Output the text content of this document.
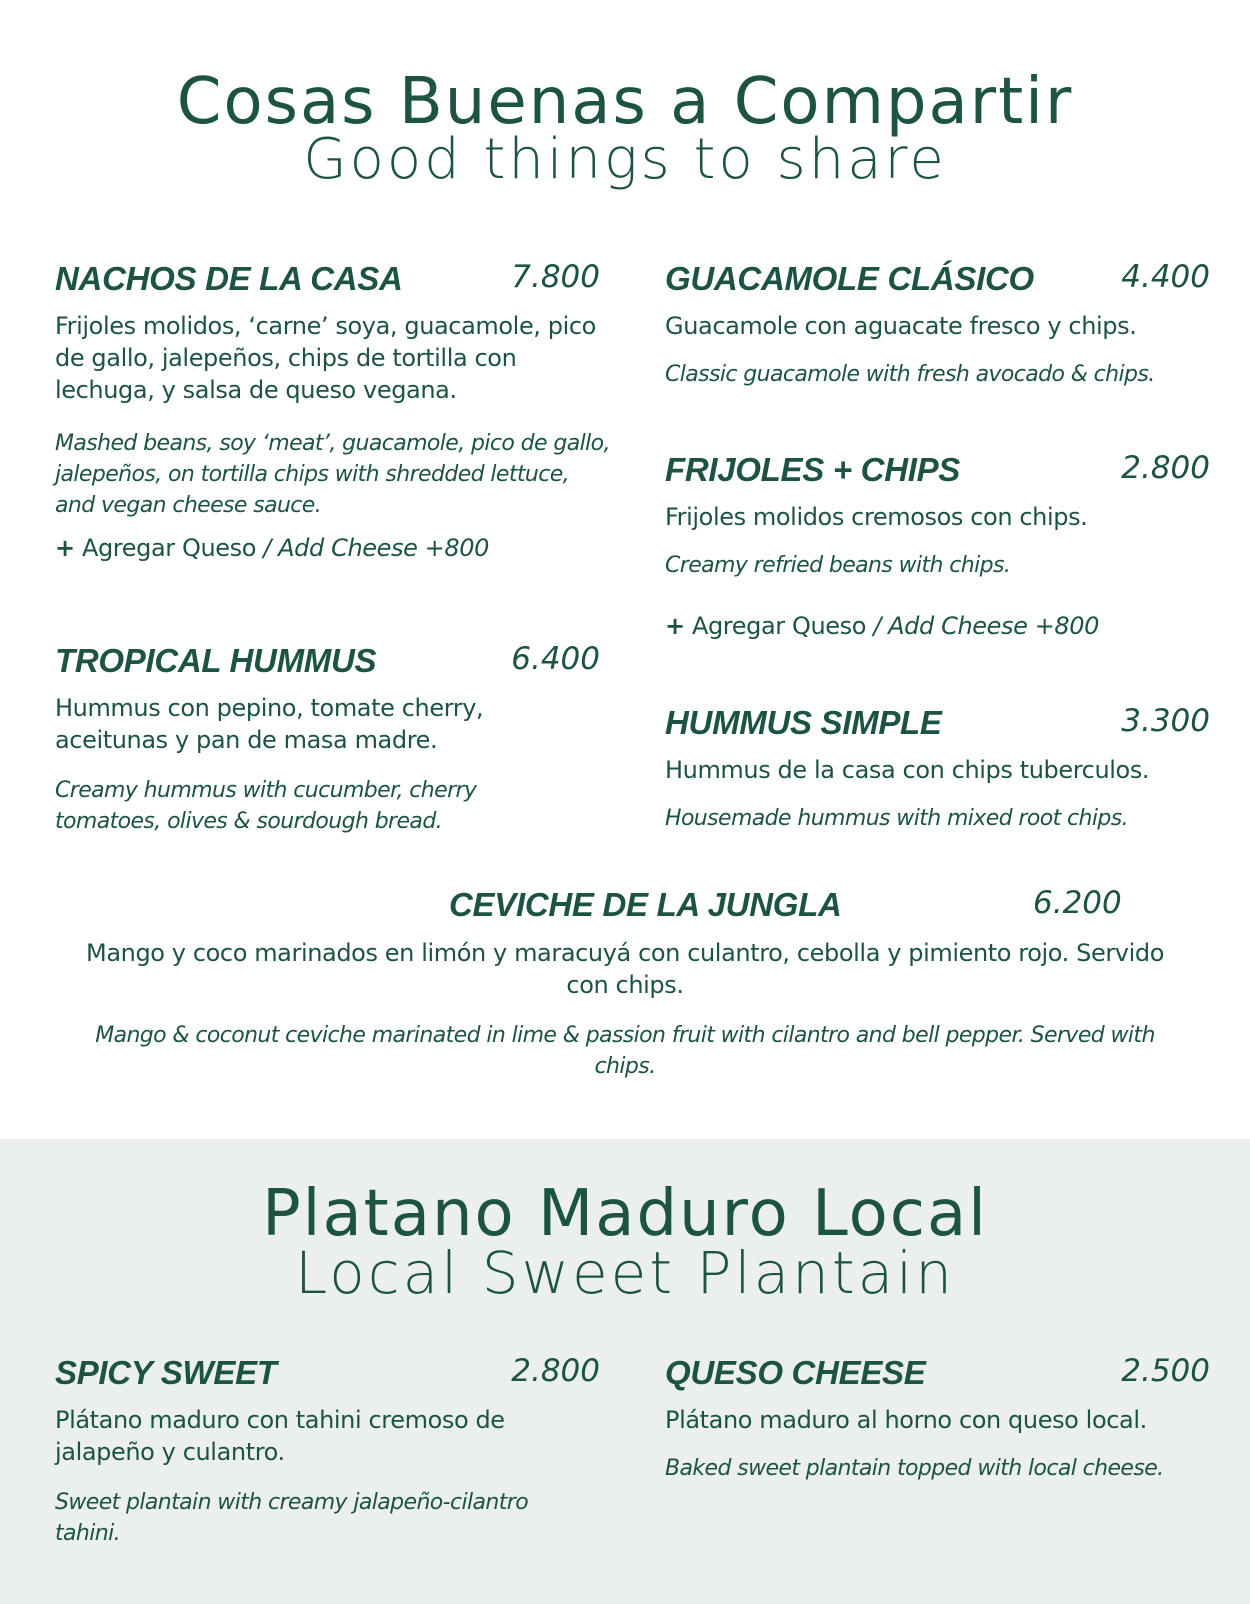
Cosas Buenas a Compartir
Good things to share
NACHOS DE LA CASA	7.800

Frijoles molidos, ‘carne’ soya, guacamole, pico de gallo, jalepeños, chips de tortilla con lechuga, y salsa de queso vegana.

Mashed beans, soy ‘meat’, guacamole, pico de gallo, jalepeños, on tortilla chips with shredded lettuce, and vegan cheese sauce.

+ Agregar Queso / Add Cheese +800

GUACAMOLE CLÁSICO	4.400

Guacamole con aguacate fresco y chips.

Classic guacamole with fresh avocado & chips.

FRIJOLES + CHIPS	2.800

Frijoles molidos cremosos con chips.

Creamy refried beans with chips.

+ Agregar Queso / Add Cheese +800

TROPICAL HUMMUS	6.400

Hummus con pepino, tomate cherry, aceitunas y pan de masa madre.

Creamy hummus with cucumber, cherry tomatoes, olives & sourdough bread.

HUMMUS SIMPLE	3.300

Hummus de la casa con chips tuberculos.

Housemade hummus with mixed root chips.

CEVICHE DE LA JUNGLA	6.200

Mango y coco marinados en limón y maracuyá con culantro, cebolla y pimiento rojo. Servido con chips.

Mango & coconut ceviche marinated in lime & passion fruit with cilantro and bell pepper. Served with chips.

Platano Maduro Local
Local Sweet Plantain
SPICY SWEET	2.800

Plátano maduro con tahini cremoso de jalapeño y culantro.

Sweet plantain with creamy jalapeño-cilantro tahini.

QUESO CHEESE	2.500

Plátano maduro al horno con queso local.

Baked sweet plantain topped with local cheese.
